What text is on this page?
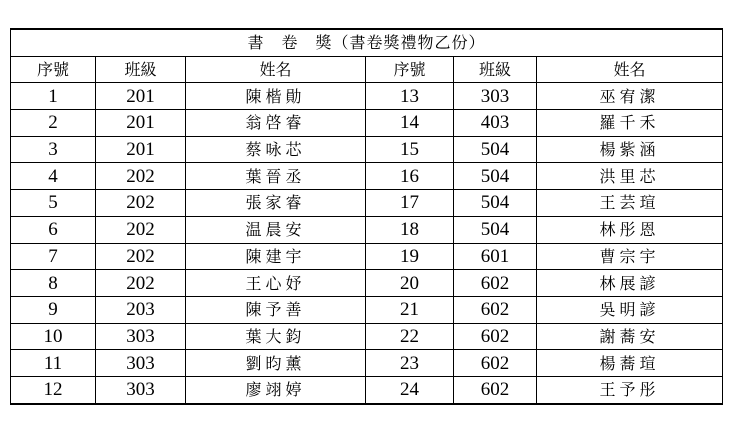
書　卷　獎（書卷獎禮物乙份）					
序號	班級	姓名	序號	班級	姓名
1	201	陳楷勛	13	303	巫宥潔
2	201	翁啓睿	14	403	羅千禾
3	201	蔡咏芯	15	504	楊紫涵
4	202	葉晉丞	16	504	洪里芯
5	202	張家睿	17	504	王芸瑄
6	202	温晨安	18	504	林彤恩
7	202	陳建宇	19	601	曹宗宇
8	202	王心妤	20	602	林展諺
9	203	陳予善	21	602	吳明諺
10	303	葉大鈞	22	602	謝蕎安
11	303	劉昀薰	23	602	楊蕎瑄
12	303	廖翊婷	24	602	王予彤
